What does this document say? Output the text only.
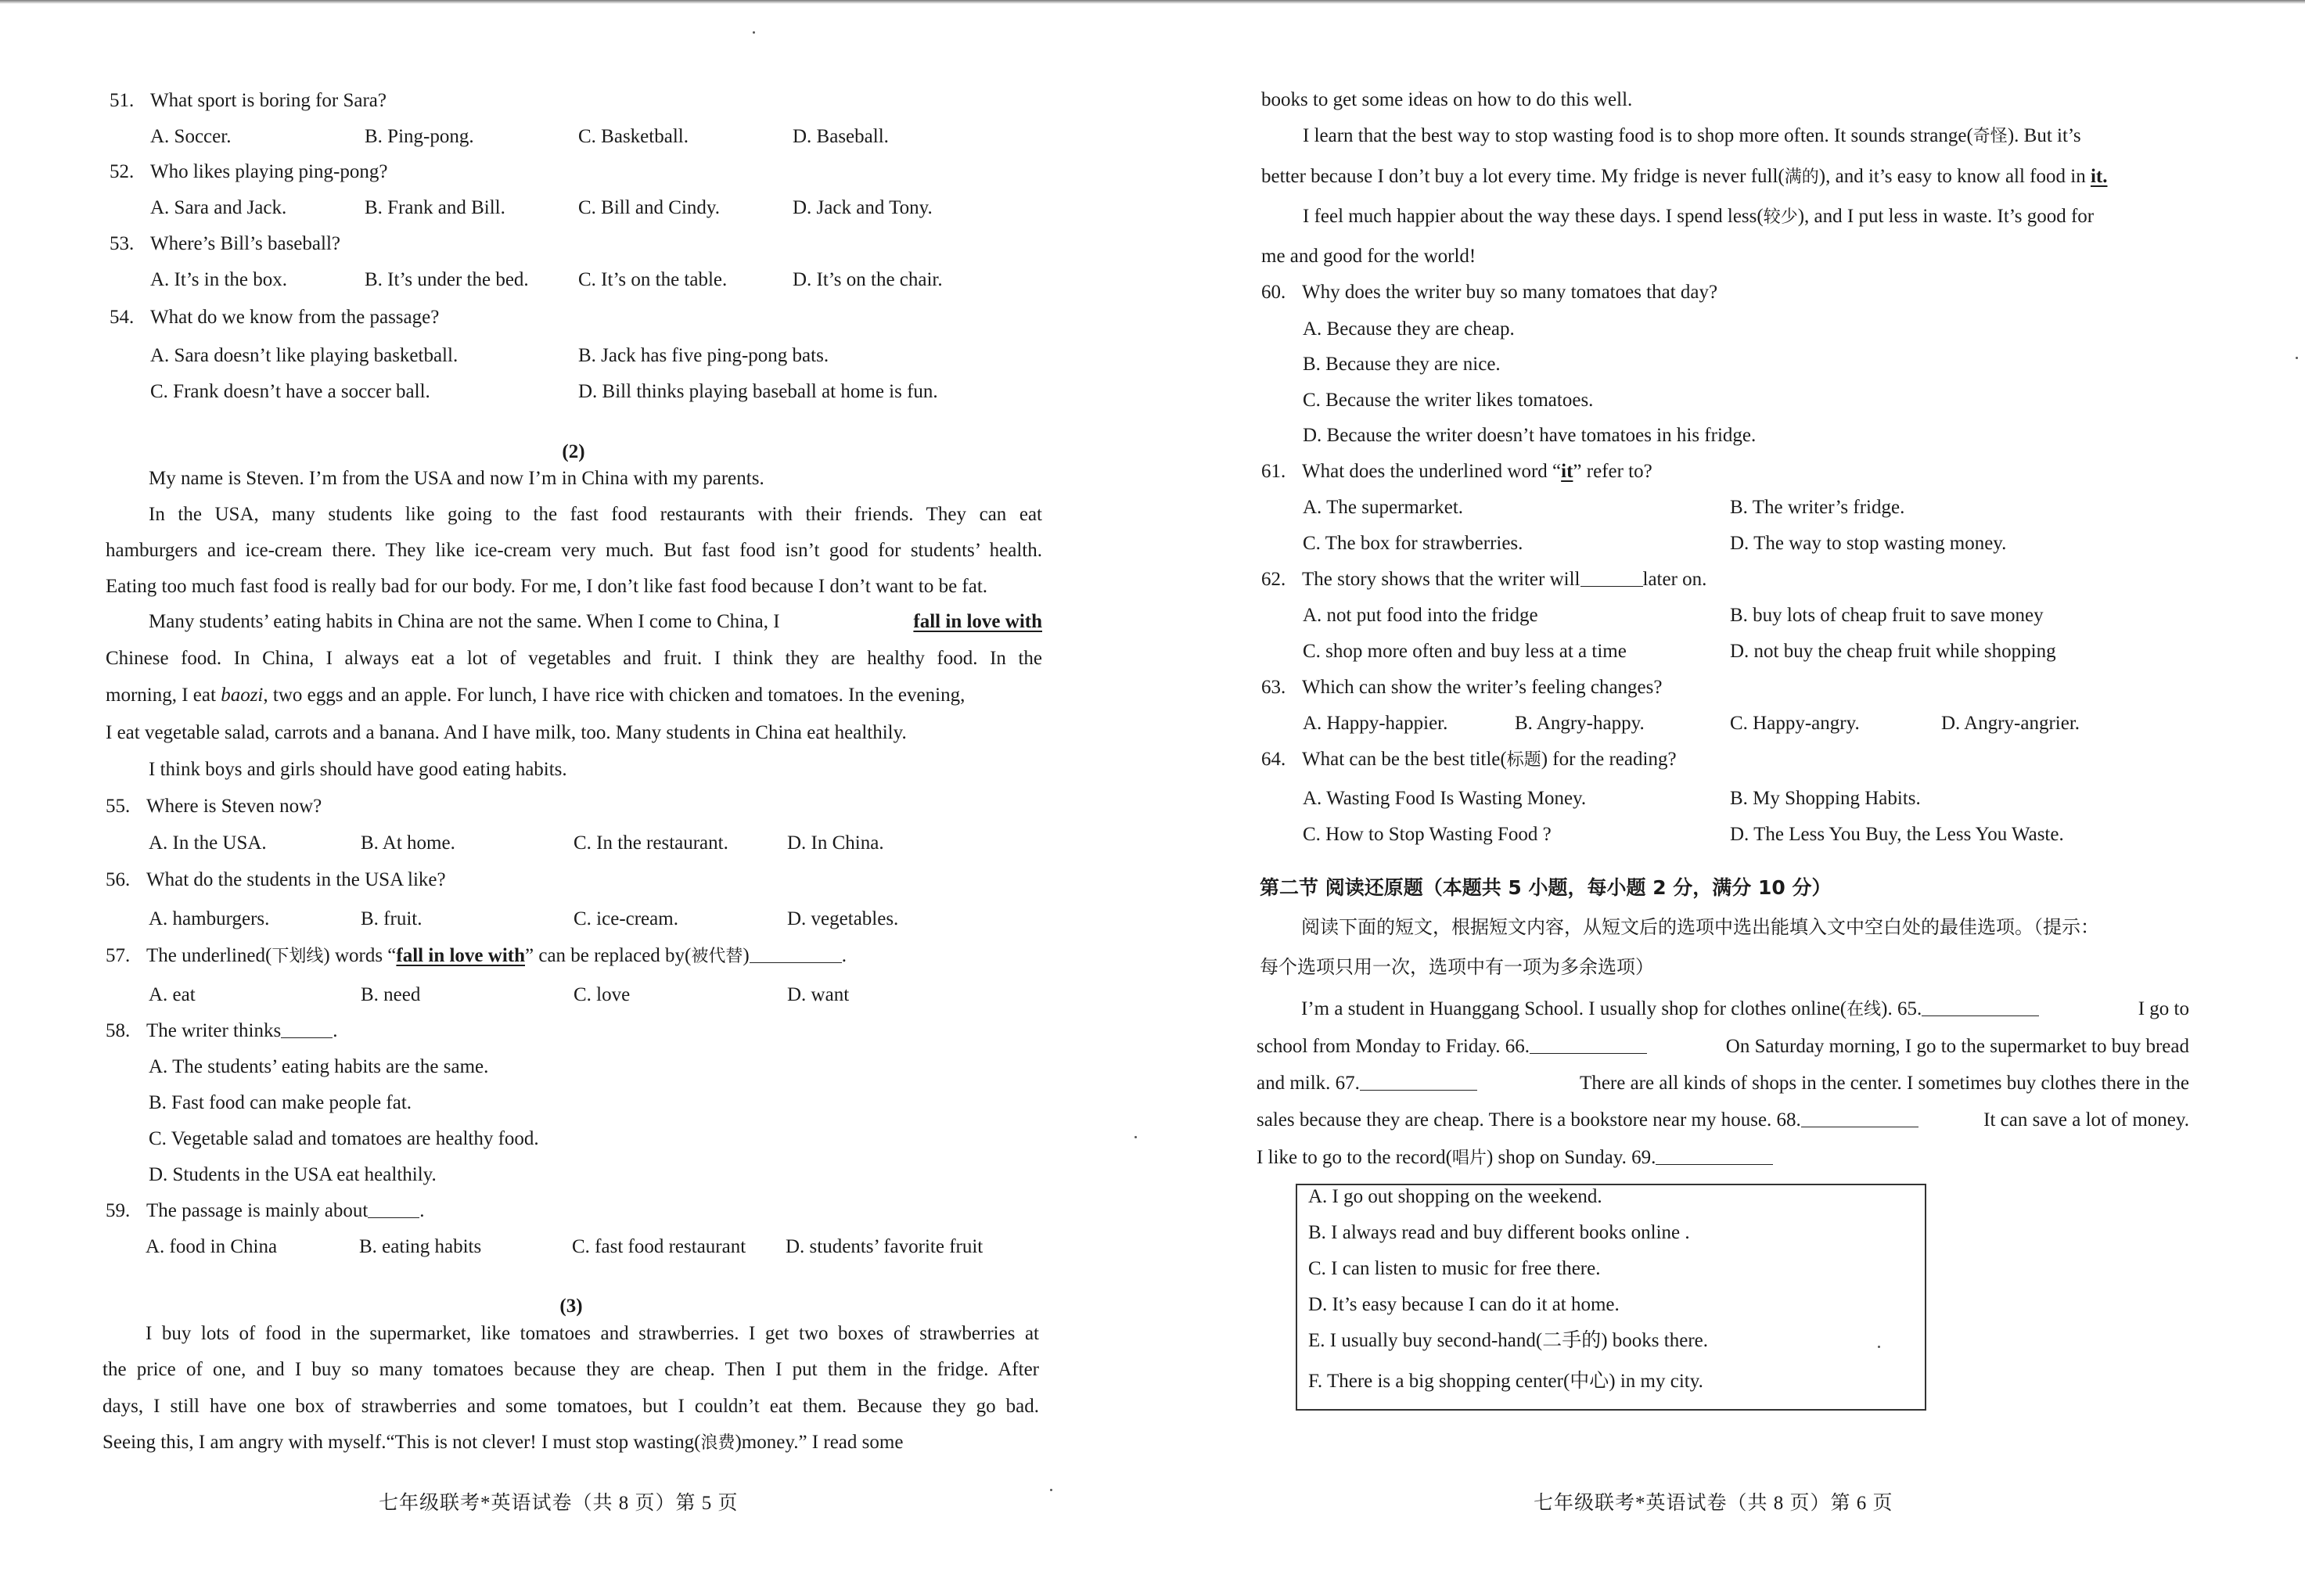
51. What sport is boring for Sara?
A. Soccer.	B. Ping-pong.	C. Basketball.	D. Baseball.
52. Who likes playing ping-pong?
A. Sara and Jack.	B. Frank and Bill.	C. Bill and Cindy.	D. Jack and Tony.
53. Where’s Bill’s baseball?
A. It’s in the box.	B. It’s under the bed.	C. It’s on the table.	D. It’s on the chair.
54. What do we know from the passage?
A. Sara doesn’t like playing basketball.	B. Jack has five ping-pong bats.
C. Frank doesn’t have a soccer ball.	D. Bill thinks playing baseball at home is fun.
(2)
My name is Steven. I’m from the USA and now I’m in China with my parents.
In the USA, many students like going to the fast food restaurants with their friends. They can eat
hamburgers and ice-cream there. They like ice-cream very much. But fast food isn’t good for students’ health.
Eating too much fast food is really bad for our body. For me, I don’t like fast food because I don’t want to be fat.
Many students’ eating habits in China are not the same. When I come to China, I	fall in love with
Chinese food. In China, I always eat a lot of vegetables and fruit. I think they are healthy food. In the
morning, I eat baozi, two eggs and an apple. For lunch, I have rice with chicken and tomatoes. In the evening,
I eat vegetable salad, carrots and a banana. And I have milk, too. Many students in China eat healthily.
I think boys and girls should have good eating habits.
55. Where is Steven now?
A. In the USA.	B. At home.	C. In the restaurant.	D. In China.
56. What do the students in the USA like?
A. hamburgers.	B. fruit.	C. ice-cream.	D. vegetables.
57. The underlined(下划线) words “fall in love with” can be replaced by(被代替)	.
A. eat	B. need	C. love	D. want
58. The writer thinks	.
A. The students’ eating habits are the same.
B. Fast food can make people fat.
C. Vegetable salad and tomatoes are healthy food.
D. Students in the USA eat healthily.
59. The passage is mainly about	.
A. food in China	B. eating habits	C. fast food restaurant D. students’ favorite fruit
(3)
I buy lots of food in the supermarket, like tomatoes and strawberries. I get two boxes of strawberries at
the price of one, and I buy so many tomatoes because they are cheap. Then I put them in the fridge. After
days, I still have one box of strawberries and some tomatoes, but I couldn’t eat them. Because they go bad.
Seeing this, I am angry with myself.“This is not clever! I must stop wasting(浪费)money.” I read some
七年级联考*英语试卷（共 8 页）第 5 页
books to get some ideas on how to do this well.
I learn that the best way to stop wasting food is to shop more often. It sounds strange(奇怪). But it’s
better because I don’t buy a lot every time. My fridge is never full(满的), and it’s easy to know all food in it.
I feel much happier about the way these days. I spend less(较少), and I put less in waste. It’s good for
me and good for the world!
60. Why does the writer buy so many tomatoes that day?
A. Because they are cheap.
B. Because they are nice.
C. Because the writer likes tomatoes.
D. Because the writer doesn’t have tomatoes in his fridge.
61. What does the underlined word “it” refer to?
A. The supermarket.	B. The writer’s fridge.
C. The box for strawberries.	D. The way to stop wasting money.
62. The story shows that the writer will	later on.
A. not put food into the fridge	B. buy lots of cheap fruit to save money
C. shop more often and buy less at a time	D. not buy the cheap fruit while shopping
63. Which can show the writer’s feeling changes?
A. Happy-happier.	B. Angry-happy.	C. Happy-angry.	D. Angry-angrier.
64. What can be the best title(标题) for the reading?
A. Wasting Food Is Wasting Money.	B. My Shopping Habits.
C. How to Stop Wasting Food ?	D. The Less You Buy, the Less You Waste.
第二节 阅读还原题（本题共 5 小题，每小题 2 分，满分 10 分）
阅读下面的短文，根据短文内容，从短文后的选项中选出能填入文中空白处的最佳选项。（提示：
每个选项只用一次，选项中有一项为多余选项）
I’m a student in Huanggang School. I usually shop for clothes online(在线). 65.	I go to
school from Monday to Friday. 66.	On Saturday morning, I go to the supermarket to buy bread
and milk. 67.	There are all kinds of shops in the center. I sometimes buy clothes there in the
sales because they are cheap. There is a bookstore near my house. 68.	It can save a lot of money.
I like to go to the record(唱片) shop on Sunday. 69.
七年级联考*英语试卷（共 8 页）第 6 页
A. I go out shopping on the weekend.
B. I always read and buy different books online .
C. I can listen to music for free there.
D. It’s easy because I can do it at home.
E. I usually buy second-hand(二手的) books there.
F. There is a big shopping center(中心) in my city.
